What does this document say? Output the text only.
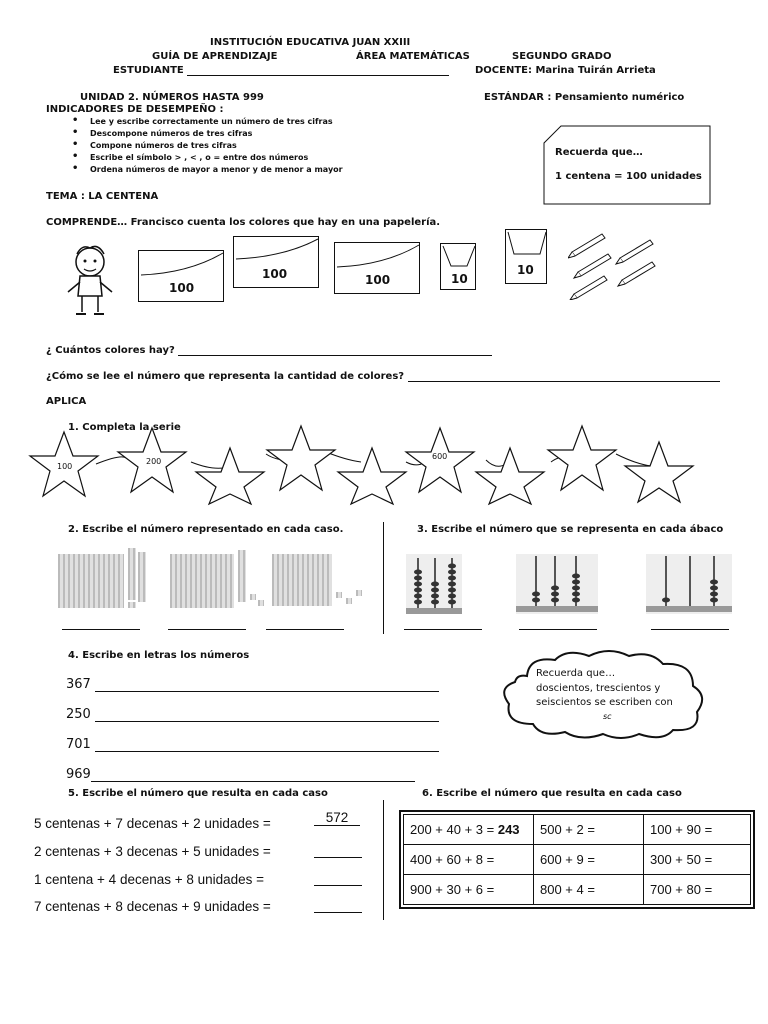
INSTITUCIÓN EDUCATIVA JUAN XXIII
GUÍA DE APRENDIZAJE	ÁREA MATEMÁTICAS	SEGUNDO GRADO
ESTUDIANTE	DOCENTE: Marina Tuirán Arrieta
UNIDAD 2. NÚMEROS HASTA 999	ESTÁNDAR : Pensamiento numérico
INDICADORES DE DESEMPEÑO :
• Lee y escribe correctamente un número de tres cifras
• Descompone números de tres cifras
• Compone números de tres cifras
• Escribe el símbolo > , < , o = entre dos números
• Ordena números de mayor a menor y de menor a mayor
Recuerda que…
1 centena = 100 unidades
TEMA : LA CENTENA
COMPRENDE… Francisco cuenta los colores que hay en una papelería.
100
100	100	10
10
¿ Cuántos colores hay?
¿Cómo se lee el número que representa la cantidad de colores?
APLICA
1. Completa la serie
100
200
600
2. Escribe el número representado en cada caso.	3. Escribe el número que se representa en cada ábaco
4. Escribe en letras los números
367
250
701
969
Recuerda que…
doscientos, trescientos y
seiscientos se escriben con
sc
5. Escribe el número que resulta en cada caso
5 centenas + 7 decenas + 2 unidades =	572
2 centenas + 3 decenas + 5 unidades =
1 centena + 4 decenas + 8 unidades =
7 centenas + 8 decenas + 9 unidades =
6. Escribe el número que resulta en cada caso
200 + 40 + 3 = 243	500 + 2 =	100 + 90 =
400 + 60 + 8 =	600 + 9 =	300 + 50 =
900 + 30 + 6 =	800 + 4 =	700 + 80 =
